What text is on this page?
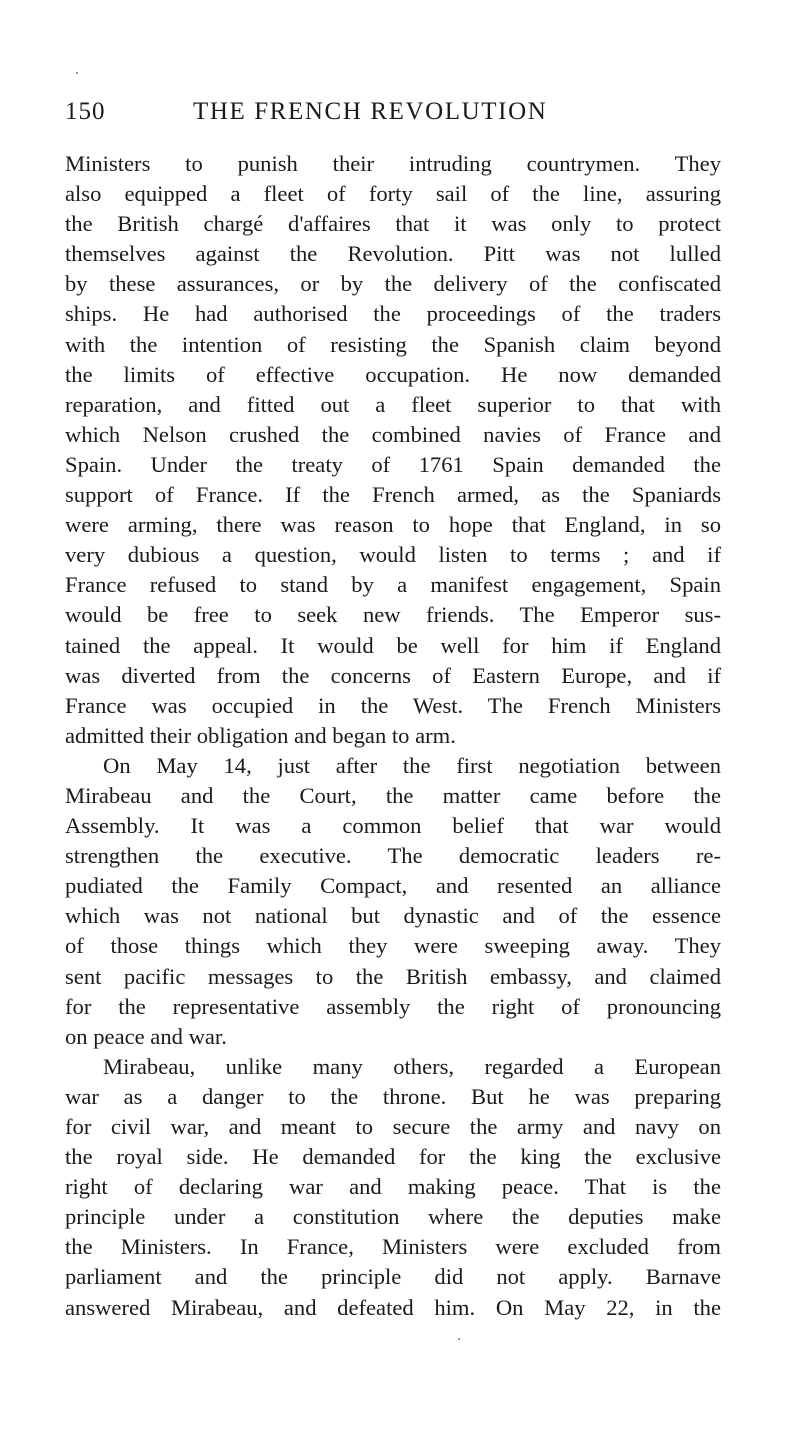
150	THE FRENCH REVOLUTION
Ministers to punish their intruding countrymen. They
also equipped a fleet of forty sail of the line, assuring
the British chargé d'affaires that it was only to protect
themselves against the Revolution. Pitt was not lulled
by these assurances, or by the delivery of the confiscated
ships. He had authorised the proceedings of the traders
with the intention of resisting the Spanish claim beyond
the limits of effective occupation. He now demanded
reparation, and fitted out a fleet superior to that with
which Nelson crushed the combined navies of France and
Spain. Under the treaty of 1761 Spain demanded the
support of France. If the French armed, as the Spaniards
were arming, there was reason to hope that England, in so
very dubious a question, would listen to terms ; and if
France refused to stand by a manifest engagement, Spain
would be free to seek new friends. The Emperor sus-
tained the appeal. It would be well for him if England
was diverted from the concerns of Eastern Europe, and if
France was occupied in the West. The French Ministers
admitted their obligation and began to arm.
On May 14, just after the first negotiation between
Mirabeau and the Court, the matter came before the
Assembly. It was a common belief that war would
strengthen the executive. The democratic leaders re-
pudiated the Family Compact, and resented an alliance
which was not national but dynastic and of the essence
of those things which they were sweeping away. They
sent pacific messages to the British embassy, and claimed
for the representative assembly the right of pronouncing
on peace and war.
Mirabeau, unlike many others, regarded a European
war as a danger to the throne. But he was preparing
for civil war, and meant to secure the army and navy on
the royal side. He demanded for the king the exclusive
right of declaring war and making peace. That is the
principle under a constitution where the deputies make
the Ministers. In France, Ministers were excluded from
parliament and the principle did not apply. Barnave
answered Mirabeau, and defeated him. On May 22, in the
